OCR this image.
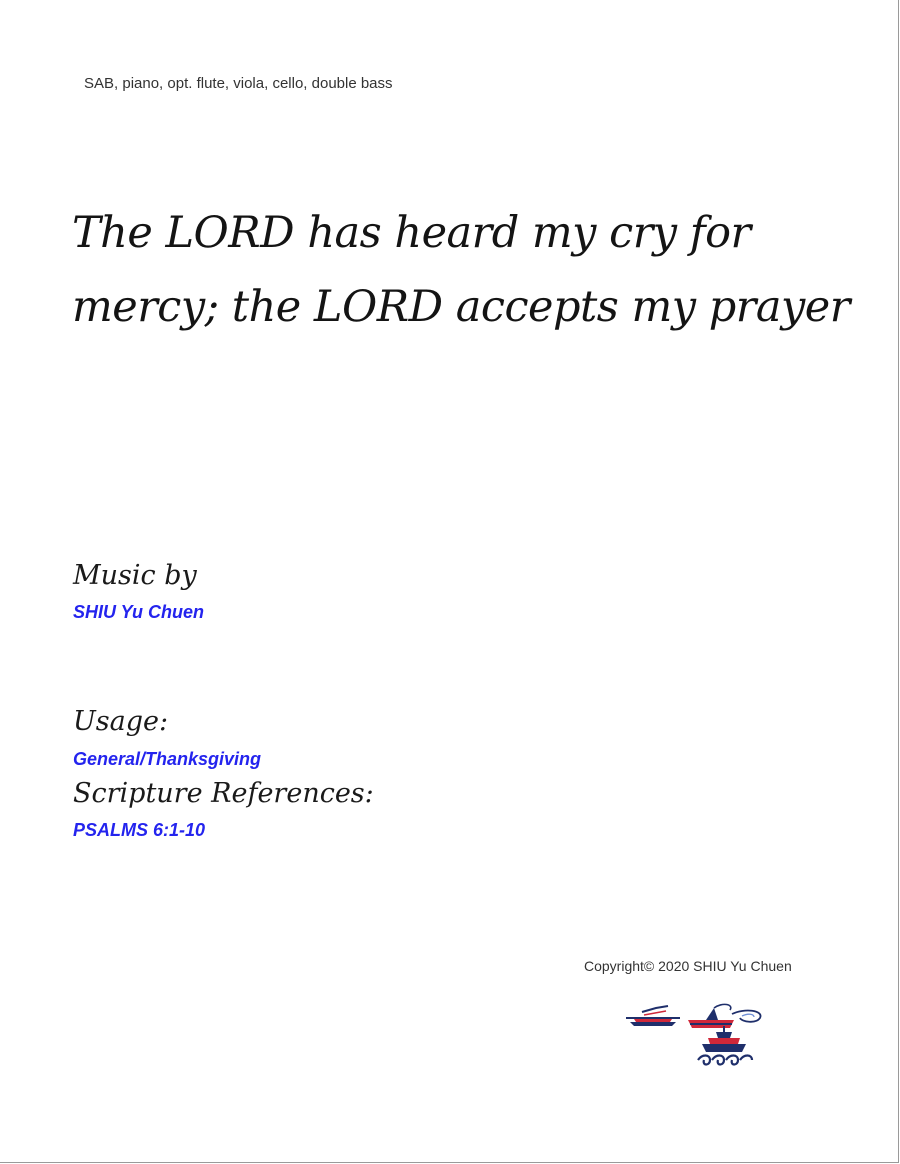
SAB, piano, opt. flute, viola, cello, double bass
The LORD has heard my cry for
mercy; the LORD accepts my prayer
Music by
SHIU Yu Chuen
Usage:
General/Thanksgiving
Scripture References:
PSALMS 6:1-10
Copyright© 2020 SHIU Yu Chuen
